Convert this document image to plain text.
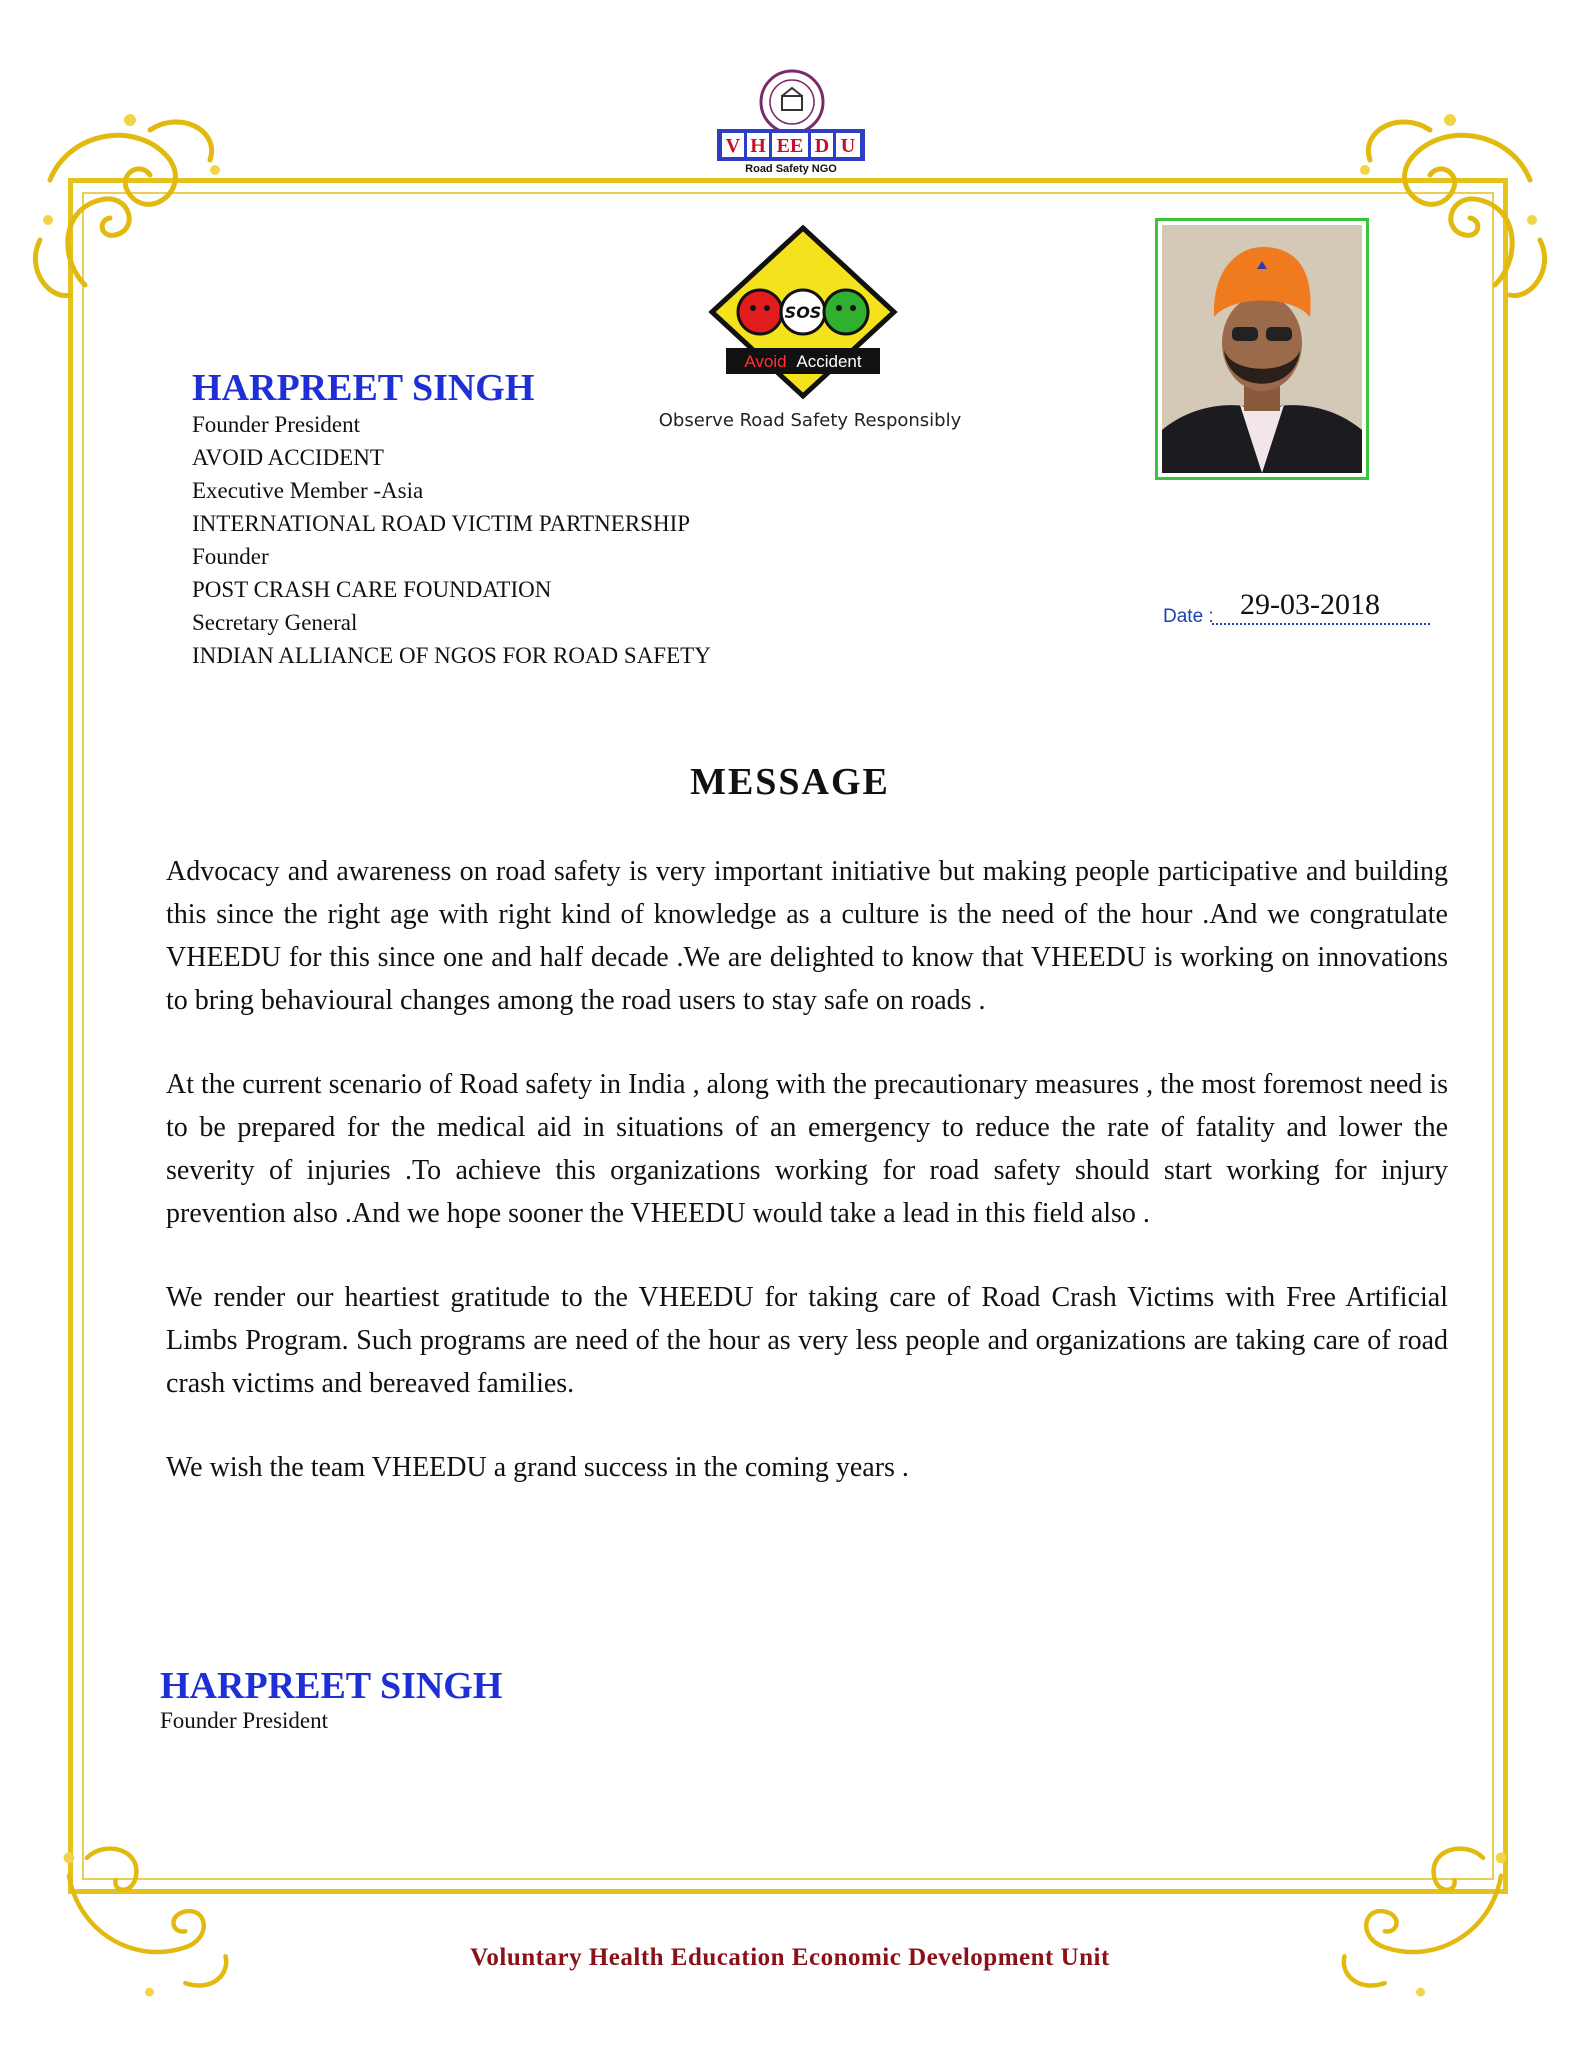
V H EE D U
Road Safety NGO
SOS
Avoid Accident
Observe Road Safety Responsibly
HARPREET SINGH
Founder President
AVOID ACCIDENT
Executive Member -Asia
INTERNATIONAL ROAD VICTIM PARTNERSHIP
Founder
POST CRASH CARE FOUNDATION
Secretary General
INDIAN ALLIANCE OF NGOS FOR ROAD SAFETY
Date : 29-03-2018
MESSAGE

Advocacy and awareness on road safety is very important initiative but making people participative and building this since the right age with right kind of knowledge as a culture is the need of the hour .And we congratulate VHEEDU for this since one and half decade .We are delighted to know that VHEEDU is working on innovations to bring behavioural changes among the road users to stay safe on roads .

At the current scenario of Road safety in India , along with the precautionary measures , the most foremost need is to be prepared for the medical aid in situations of an emergency to reduce the rate of fatality and lower the severity of injuries .To achieve this organizations working for road safety should start working for injury prevention also .And we hope sooner the VHEEDU would take a lead in this field also .

We render our heartiest gratitude to the VHEEDU for taking care of Road Crash Victims with Free Artificial Limbs Program. Such programs are need of the hour as very less people and organizations are taking care of road crash victims and bereaved families.

We wish the team VHEEDU a grand success in the coming years .

HARPREET SINGH
Founder President
Voluntary Health Education Economic Development Unit
